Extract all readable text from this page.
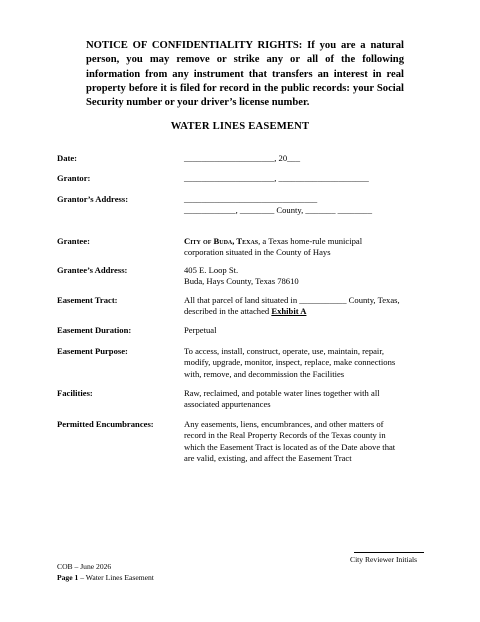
NOTICE OF CONFIDENTIALITY RIGHTS: If you are a natural person, you may remove or strike any or all of the following information from any instrument that transfers an interest in real property before it is filed for record in the public records: your Social Security number or your driver’s license number.
WATER LINES EASEMENT
Date:	_____________________, 20___
Grantor:	_____________________, _____________________
Grantor’s Address:	_______________________________
____________, ________ County, _______ ________
Grantee:	City of Buda, Texas, a Texas home-rule municipal
corporation situated in the County of Hays
Grantee’s Address:	405 E. Loop St.
Buda, Hays County, Texas 78610
Easement Tract:	All that parcel of land situated in ___________ County, Texas,
described in the attached Exhibit A
Easement Duration:	Perpetual
Easement Purpose:	To access, install, construct, operate, use, maintain, repair,
modify, upgrade, monitor, inspect, replace, make connections
with, remove, and decommission the Facilities
Facilities:	Raw, reclaimed, and potable water lines together with all
associated appurtenances
Permitted Encumbrances:	Any easements, liens, encumbrances, and other matters of
record in the Real Property Records of the Texas county in
which the Easement Tract is located as of the Date above that
are valid, existing, and affect the Easement Tract
City Reviewer Initials
COB – June 2026
Page 1 – Water Lines Easement
